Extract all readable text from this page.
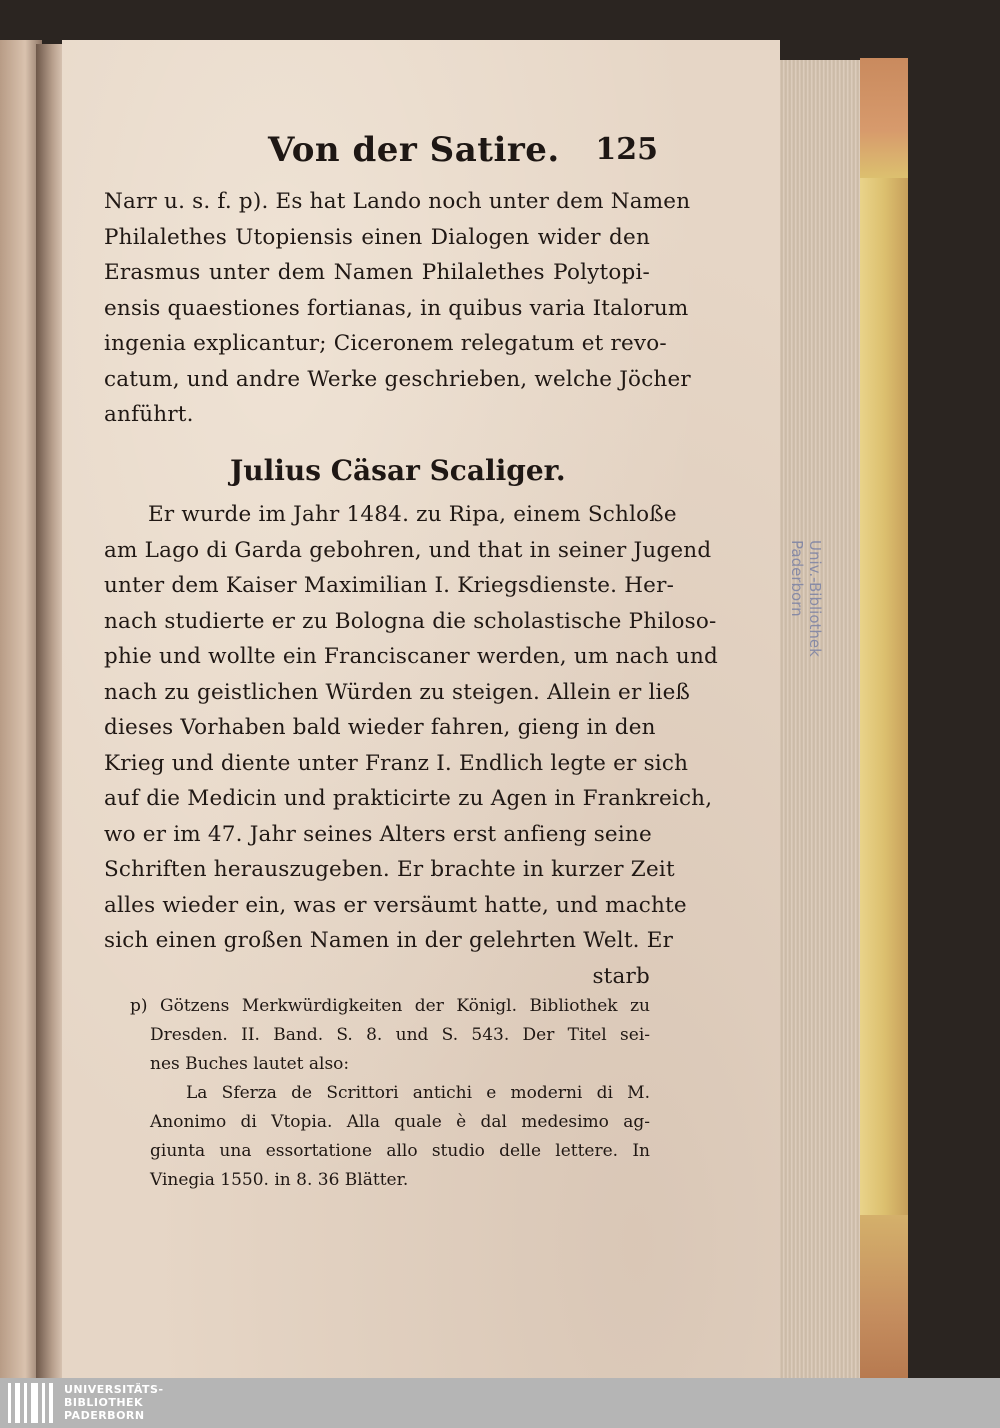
Univ.-Bibliothek Paderborn
Von der Satire. 125
Narr u. s. f. p). Es hat Lando noch unter dem Namen
Philalethes Utopiensis einen Dialogen wider den
Erasmus unter dem Namen Philalethes Polytopi-
ensis quaestiones fortianas, in quibus varia Italorum
ingenia explicantur; Ciceronem relegatum et revo-
catum, und andre Werke geschrieben, welche Jöcher
anführt.
Julius Cäsar Scaliger.
Er wurde im Jahr 1484. zu Ripa, einem Schloße
am Lago di Garda gebohren, und that in seiner Jugend
unter dem Kaiser Maximilian I. Kriegsdienste. Her-
nach studierte er zu Bologna die scholastische Philoso-
phie und wollte ein Franciscaner werden, um nach und
nach zu geistlichen Würden zu steigen. Allein er ließ
dieses Vorhaben bald wieder fahren, gieng in den
Krieg und diente unter Franz I. Endlich legte er sich
auf die Medicin und prakticirte zu Agen in Frankreich,
wo er im 47. Jahr seines Alters erst anfieng seine
Schriften herauszugeben. Er brachte in kurzer Zeit
alles wieder ein, was er versäumt hatte, und machte
sich einen großen Namen in der gelehrten Welt. Er
starb
p) Götzens Merkwürdigkeiten der Königl. Bibliothek zu
Dresden. II. Band. S. 8. und S. 543. Der Titel sei-
nes Buches lautet also:
La Sferza de Scrittori antichi e moderni di M.
Anonimo di Vtopia. Alla quale è dal medesimo ag-
giunta una essortatione allo studio delle lettere. In
Vinegia 1550. in 8. 36 Blätter.
UNIVERSITÄTS-
BIBLIOTHEK
PADERBORN
